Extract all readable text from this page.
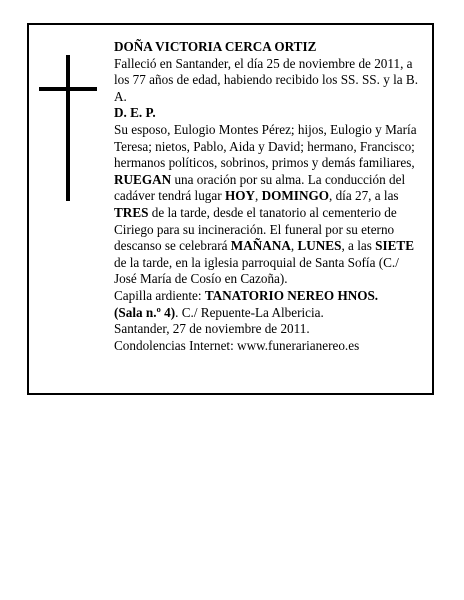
DOÑA VICTORIA CERCA ORTIZ

Falleció en Santander, el día 25 de noviembre de 2011, a los 77 años de edad, habiendo recibido los SS. SS. y la B. A.

D. E. P.

Su esposo, Eulogio Montes Pérez; hijos, Eulogio y María Teresa; nietos, Pablo, Aida y David; hermano, Francisco; hermanos políticos, sobrinos, primos y demás familiares,

RUEGAN una oración por su alma. La conducción del cadáver tendrá lugar HOY, DOMINGO, día 27, a las TRES de la tarde, desde el tanatorio al cementerio de Ciriego para su incineración. El funeral por su eterno descanso se celebrará MAÑANA, LUNES, a las SIETE de la tarde, en la iglesia parroquial de Santa Sofía (C./ José María de Cosío en Cazoña).

Capilla ardiente: TANATORIO NEREO HNOS.
(Sala n.º 4). C./ Repuente-La Albericia.

Santander, 27 de noviembre de 2011.

Condolencias Internet: www.funerarianereo.es
